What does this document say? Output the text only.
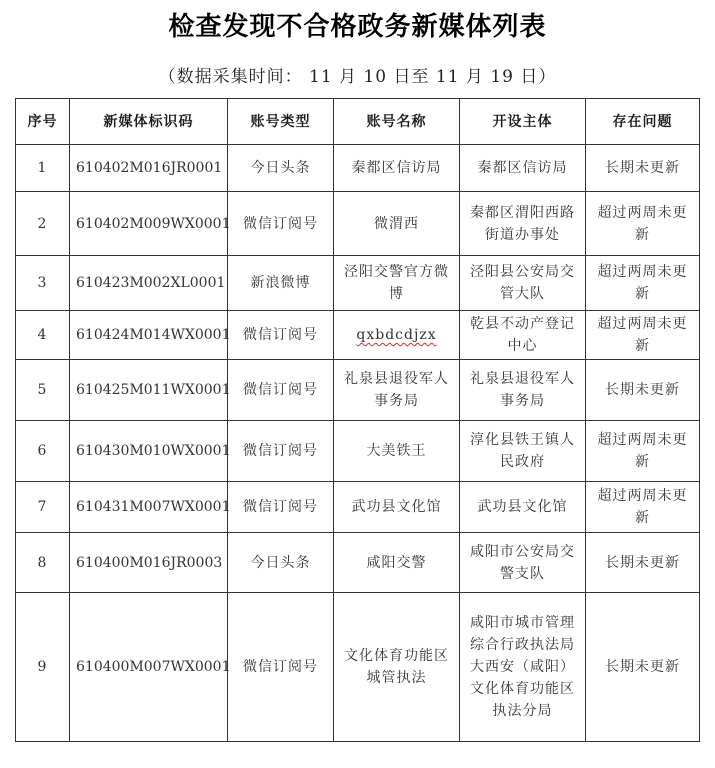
检查发现不合格政务新媒体列表
（数据采集时间： 11 月 10 日至 11 月 19 日）
序号	新媒体标识码	账号类型	账号名称	开设主体	存在问题
1	610402M016JR0001	今日头条	秦都区信访局	秦都区信访局	长期未更新
2	610402M009WX0001	微信订阅号	微渭西	秦都区渭阳西路街道办事处	超过两周未更新
3	610423M002XL0001	新浪微博	泾阳交警官方微博	泾阳县公安局交管大队	超过两周未更新
4	610424M014WX0001	微信订阅号	qxbdcdjzx	乾县不动产登记中心	超过两周未更新
5	610425M011WX0001	微信订阅号	礼泉县退役军人事务局	礼泉县退役军人事务局	长期未更新
6	610430M010WX0001	微信订阅号	大美铁王	淳化县铁王镇人民政府	超过两周未更新
7	610431M007WX0001	微信订阅号	武功县文化馆	武功县文化馆	超过两周未更新
8	610400M016JR0003	今日头条	咸阳交警	咸阳市公安局交警支队	长期未更新
9	610400M007WX0001	微信订阅号	文化体育功能区城管执法	咸阳市城市管理综合行政执法局大西安（咸阳）文化体育功能区执法分局	长期未更新
